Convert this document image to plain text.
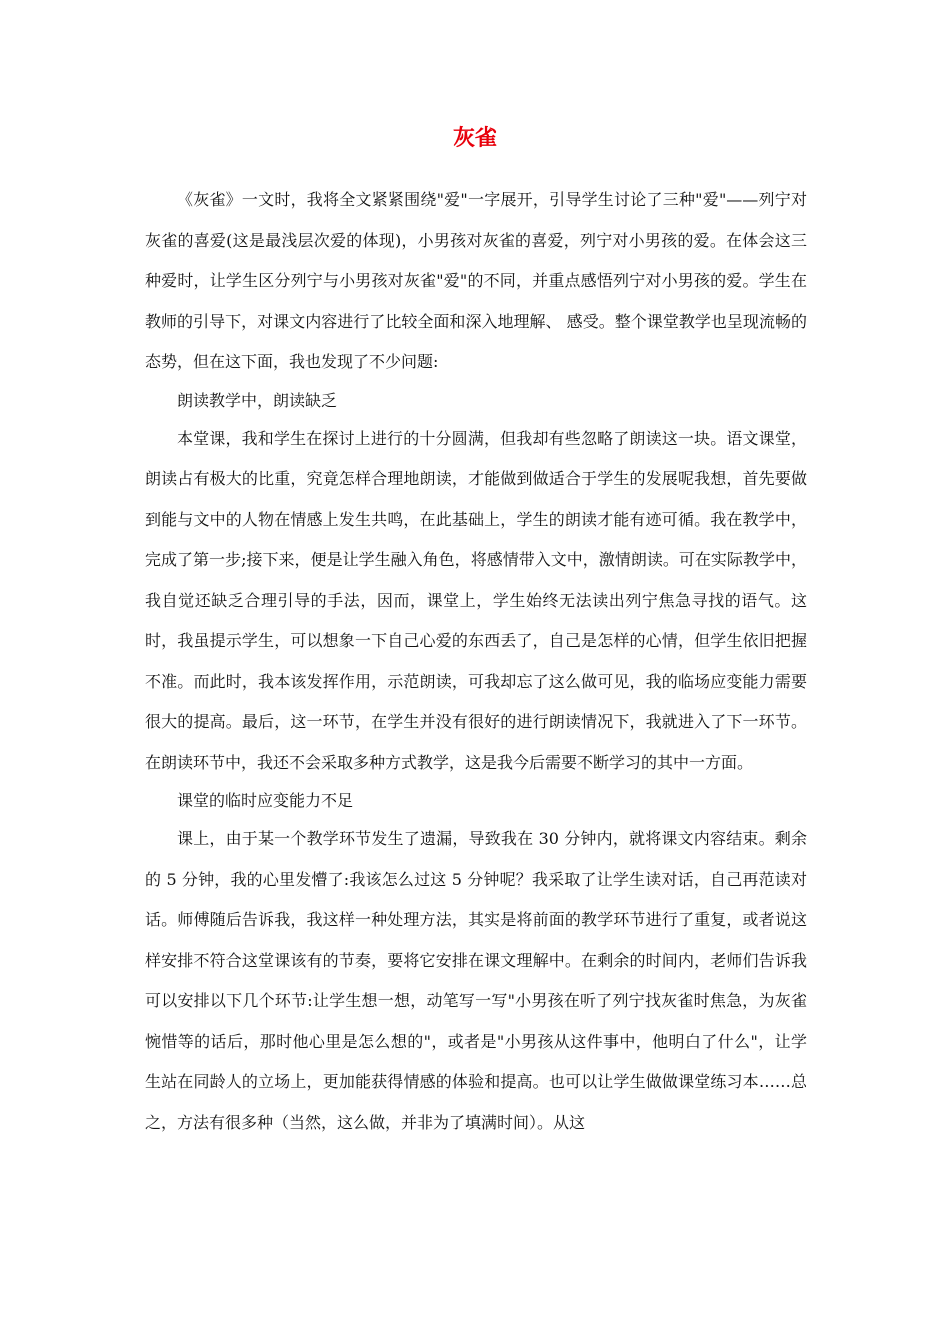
灰雀

《灰雀》一文时，我将全文紧紧围绕"爱"一字展开，引导学生讨论了三种"爱"——列宁对灰雀的喜爱(这是最浅层次爱的体现)，小男孩对灰雀的喜爱，列宁对小男孩的爱。在体会这三种爱时，让学生区分列宁与小男孩对灰雀"爱"的不同，并重点感悟列宁对小男孩的爱。学生在教师的引导下，对课文内容进行了比较全面和深入地理解、 感受。整个课堂教学也呈现流畅的态势，但在这下面，我也发现了不少问题:

朗读教学中，朗读缺乏

本堂课，我和学生在探讨上进行的十分圆满，但我却有些忽略了朗读这一块。语文课堂，朗读占有极大的比重，究竟怎样合理地朗读，才能做到做适合于学生的发展呢我想，首先要做到能与文中的人物在情感上发生共鸣，在此基础上，学生的朗读才能有迹可循。我在教学中，完成了第一步;接下来，便是让学生融入角色，将感情带入文中，激情朗读。可在实际教学中，我自觉还缺乏合理引导的手法，因而，课堂上，学生始终无法读出列宁焦急寻找的语气。这时，我虽提示学生，可以想象一下自己心爱的东西丢了，自己是怎样的心情，但学生依旧把握不准。而此时，我本该发挥作用，示范朗读，可我却忘了这么做可见，我的临场应变能力需要很大的提高。最后，这一环节，在学生并没有很好的进行朗读情况下，我就进入了下一环节。在朗读环节中，我还不会采取多种方式教学，这是我今后需要不断学习的其中一方面。

课堂的临时应变能力不足

课上，由于某一个教学环节发生了遗漏，导致我在 30 分钟内，就将课文内容结束。剩余的 5 分钟，我的心里发懵了:我该怎么过这 5 分钟呢？我采取了让学生读对话，自己再范读对话。师傅随后告诉我，我这样一种处理方法，其实是将前面的教学环节进行了重复，或者说这样安排不符合这堂课该有的节奏，要将它安排在课文理解中。在剩余的时间内，老师们告诉我可以安排以下几个环节:让学生想一想，动笔写一写"小男孩在听了列宁找灰雀时焦急，为灰雀惋惜等的话后，那时他心里是怎么想的"，或者是"小男孩从这件事中，他明白了什么"，让学生站在同龄人的立场上，更加能获得情感的体验和提高。也可以让学生做做课堂练习本……总之，方法有很多种（当然，这么做，并非为了填满时间）。从这
